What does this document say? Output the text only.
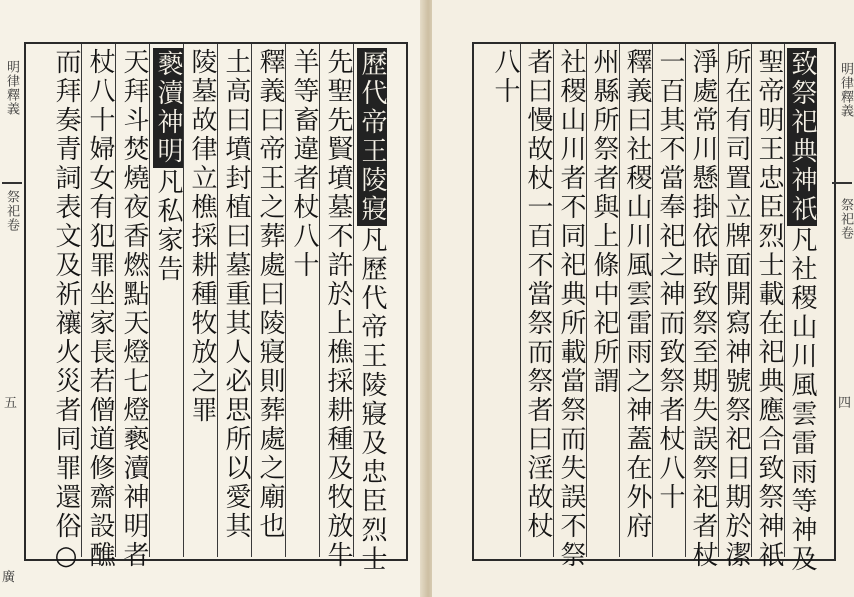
明律釋義
祭祀卷
五
廣
歷代帝王陵寢凡歷代帝王陵寢及忠臣烈士
先聖先賢墳墓不許於上樵採耕種及牧放牛
羊等畜違者杖八十
釋義曰帝王之葬處曰陵寢則葬處之廟也
土高曰墳封植曰墓重其人必思所以愛其
陵墓故律立樵採耕種牧放之罪
褻瀆神明凡私家告
天拜斗焚燒夜香燃點天燈七燈褻瀆神明者
杖八十婦女有犯罪坐家長若僧道修齋設醮
而拜奏青詞表文及祈禳火災者同罪還俗○	明律釋義
祭祀卷
四
致祭祀典神祇凡社稷山川風雲雷雨等神及
聖帝明王忠臣烈士載在祀典應合致祭神祇
所在有司置立牌面開寫神號祭祀日期於潔
淨處常川懸掛依時致祭至期失誤祭祀者杖
一百其不當奉祀之神而致祭者杖八十
釋義曰社稷山川風雲雷雨之神蓋在外府
州縣所祭者與上條中祀所謂
社稷山川者不同祀典所載當祭而失誤不祭
者曰慢故杖一百不當祭而祭者曰淫故杖
八十
